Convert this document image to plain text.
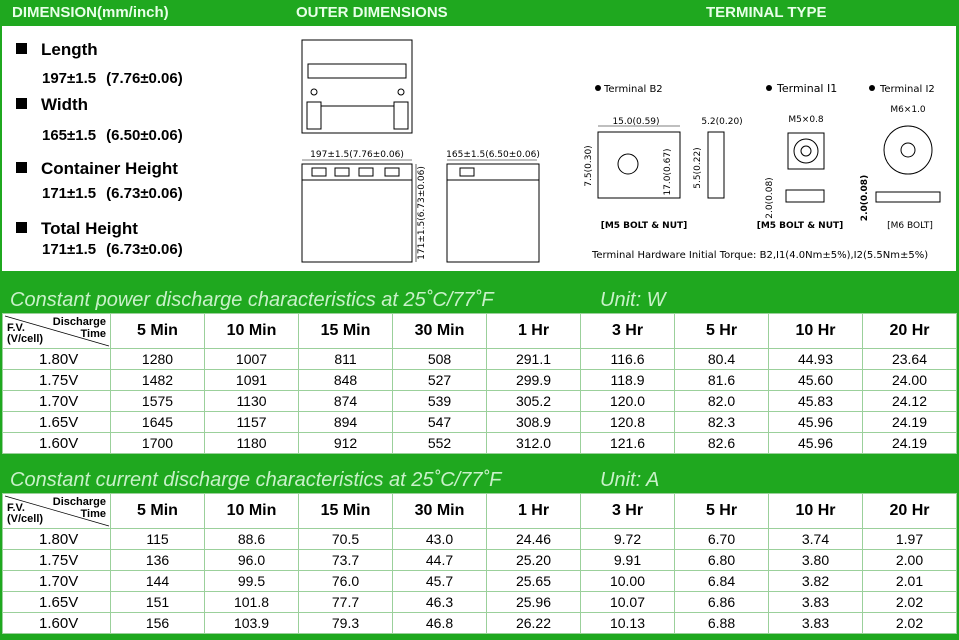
DIMENSION(mm/inch)	OUTER DIMENSIONS	TERMINAL TYPE
Length
197±1.5 (7.76±0.06)
Width
165±1.5 (6.50±0.06)
Container Height
171±1.5 (6.73±0.06)
Total Height
171±1.5 (6.73±0.06)
197±1.5(7.76±0.06)
171±1.5(6.73±0.06)
165±1.5(6.50±0.06)
Terminal B2	Terminal I1	Terminal I2
15.0(0.59)	5.2(0.20)
7.5(0.30)	17.0(0.67) 5.5(0.22)
[M5 BOLT & NUT]
M5×0.8
2.0(0.08)
[M5 BOLT & NUT]
M6×1.0
2.0(0.08)
[M6 BOLT]
Terminal Hardware Initial Torque: B2,I1(4.0Nm±5%),I2(5.5Nm±5%)
Constant power discharge characteristics at 25˚C/77˚F	Unit: W
Discharge
Time
F.V.
(V/cell)	5 Min	10 Min	15 Min	30 Min	1 Hr	3 Hr	5 Hr	10 Hr	20 Hr
1.80V	1280	1007	811	508	291.1	116.6	80.4	44.93	23.64
1.75V	1482	1091	848	527	299.9	118.9	81.6	45.60	24.00
1.70V	1575	1130	874	539	305.2	120.0	82.0	45.83	24.12
1.65V	1645	1157	894	547	308.9	120.8	82.3	45.96	24.19
1.60V	1700	1180	912	552	312.0	121.6	82.6	45.96	24.19
Constant current discharge characteristics at 25˚C/77˚F	Unit: A
Discharge
Time
F.V.
(V/cell)	5 Min	10 Min	15 Min	30 Min	1 Hr	3 Hr	5 Hr	10 Hr	20 Hr
1.80V	115	88.6	70.5	43.0	24.46	9.72	6.70	3.74	1.97
1.75V	136	96.0	73.7	44.7	25.20	9.91	6.80	3.80	2.00
1.70V	144	99.5	76.0	45.7	25.65	10.00	6.84	3.82	2.01
1.65V	151	101.8	77.7	46.3	25.96	10.07	6.86	3.83	2.02
1.60V	156	103.9	79.3	46.8	26.22	10.13	6.88	3.83	2.02
